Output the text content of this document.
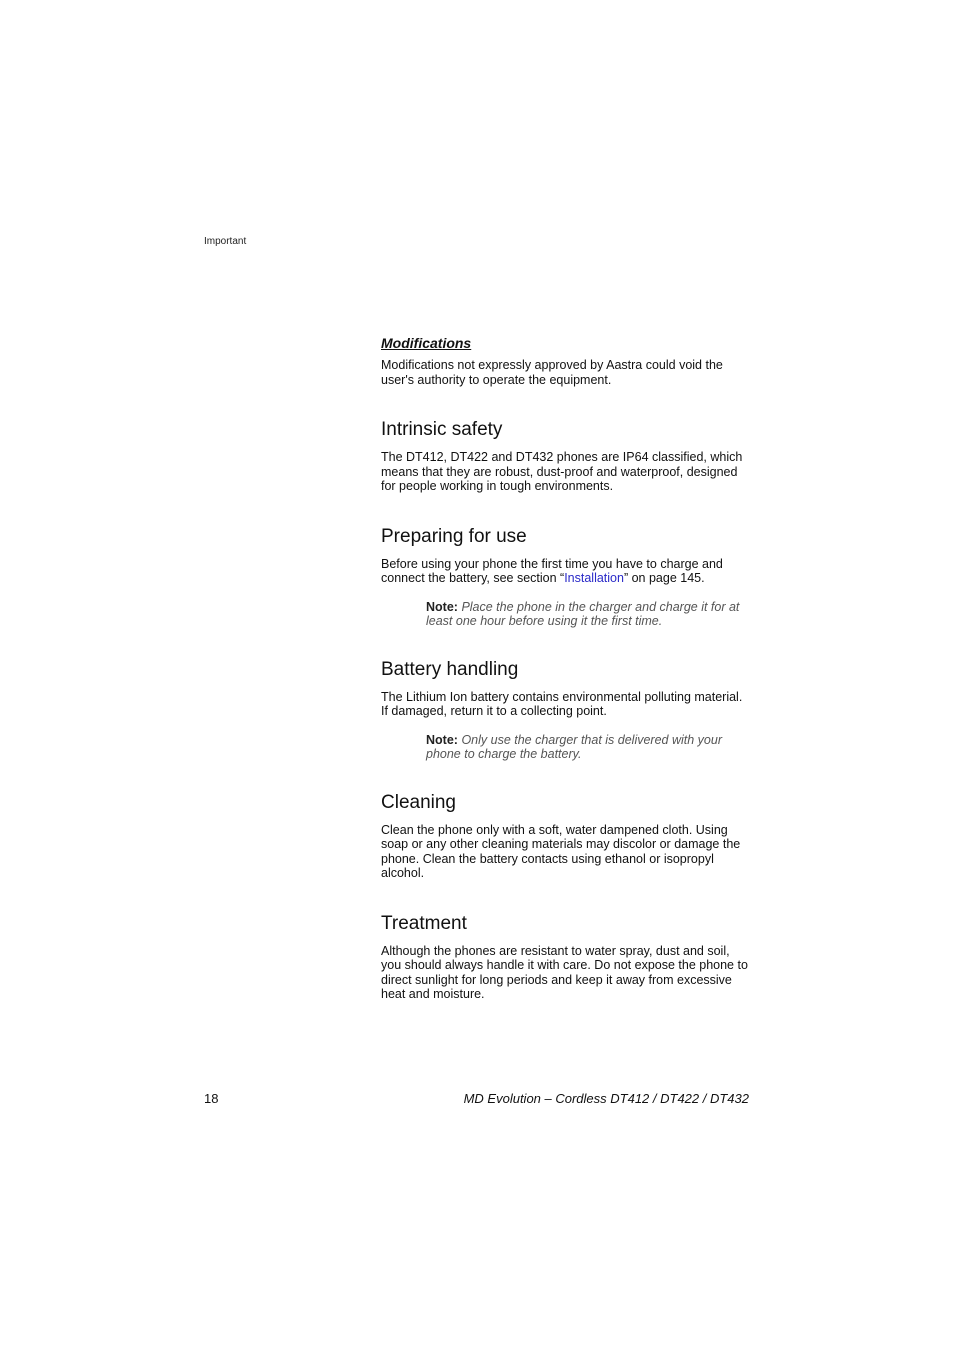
Important
Modifications

Modifications not expressly approved by Aastra could void the user's authority to operate the equipment.

Intrinsic safety

The DT412, DT422 and DT432 phones are IP64 classified, which means that they are robust, dust-proof and waterproof, designed for people working in tough environments.

Preparing for use

Before using your phone the first time you have to charge and connect the battery, see section “Installation” on page 145.

Note: Place the phone in the charger and charge it for at least one hour before using it the first time.
Battery handling

The Lithium Ion battery contains environmental polluting material. If damaged, return it to a collecting point.

Note: Only use the charger that is delivered with your phone to charge the battery.
Cleaning

Clean the phone only with a soft, water dampened cloth. Using soap or any other cleaning materials may discolor or damage the phone. Clean the battery contacts using ethanol or isopropyl alcohol.

Treatment

Although the phones are resistant to water spray, dust and soil, you should always handle it with care. Do not expose the phone to direct sunlight for long periods and keep it away from excessive heat and moisture.

18	MD Evolution – Cordless DT412 / DT422 / DT432
